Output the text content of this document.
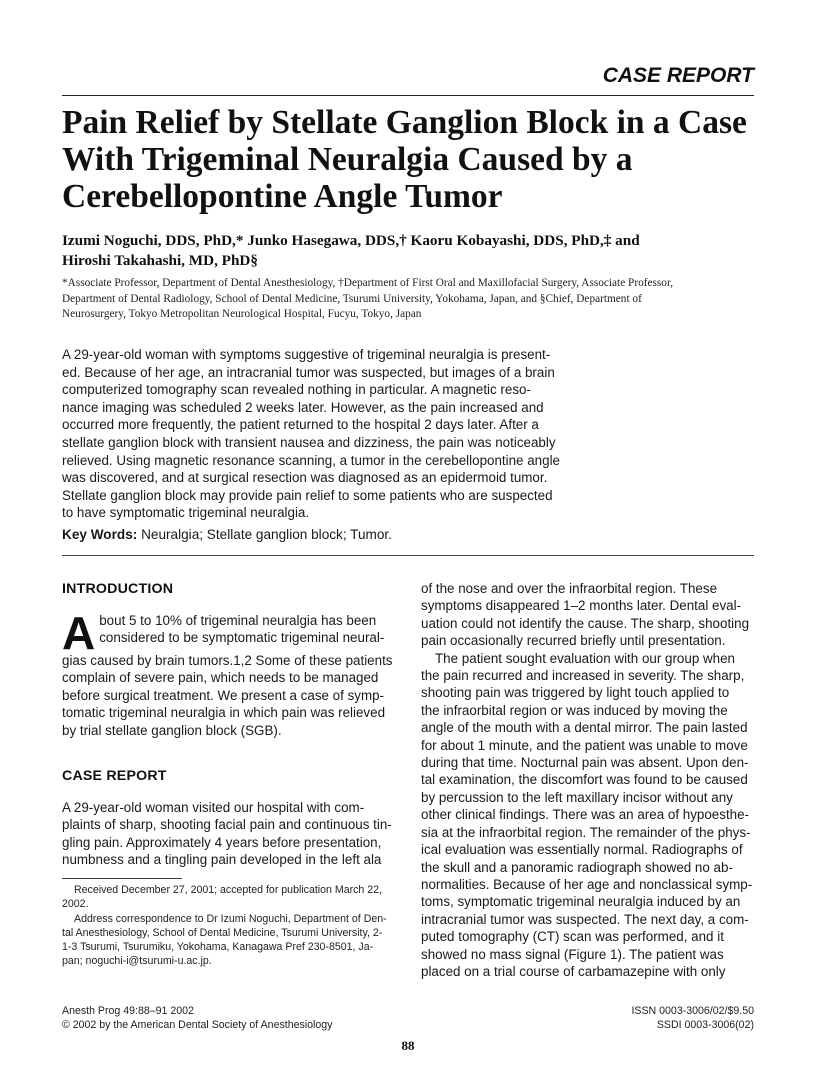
CASE REPORT
Pain Relief by Stellate Ganglion Block in a Case
With Trigeminal Neuralgia Caused by a
Cerebellopontine Angle Tumor
Izumi Noguchi, DDS, PhD,* Junko Hasegawa, DDS,† Kaoru Kobayashi, DDS, PhD,‡ and
Hiroshi Takahashi, MD, PhD§
*Associate Professor, Department of Dental Anesthesiology, †Department of First Oral and Maxillofacial Surgery, Associate Professor,
Department of Dental Radiology, School of Dental Medicine, Tsurumi University, Yokohama, Japan, and §Chief, Department of
Neurosurgery, Tokyo Metropolitan Neurological Hospital, Fucyu, Tokyo, Japan
A 29-year-old woman with symptoms suggestive of trigeminal neuralgia is present-
ed. Because of her age, an intracranial tumor was suspected, but images of a brain
computerized tomography scan revealed nothing in particular. A magnetic reso-
nance imaging was scheduled 2 weeks later. However, as the pain increased and
occurred more frequently, the patient returned to the hospital 2 days later. After a
stellate ganglion block with transient nausea and dizziness, the pain was noticeably
relieved. Using magnetic resonance scanning, a tumor in the cerebellopontine angle
was discovered, and at surgical resection was diagnosed as an epidermoid tumor.
Stellate ganglion block may provide pain relief to some patients who are suspected
to have symptomatic trigeminal neuralgia.
Key Words: Neuralgia; Stellate ganglion block; Tumor.
INTRODUCTION
A bout 5 to 10% of trigeminal neuralgia has been
considered to be symptomatic trigeminal neural-
gias caused by brain tumors.1,2 Some of these patients
complain of severe pain, which needs to be managed
before surgical treatment. We present a case of symp-
tomatic trigeminal neuralgia in which pain was relieved
by trial stellate ganglion block (SGB).
CASE REPORT
A 29-year-old woman visited our hospital with com-
plaints of sharp, shooting facial pain and continuous tin-
gling pain. Approximately 4 years before presentation,
numbness and a tingling pain developed in the left ala
of the nose and over the infraorbital region. These
symptoms disappeared 1–2 months later. Dental eval-
uation could not identify the cause. The sharp, shooting
pain occasionally recurred briefly until presentation.
The patient sought evaluation with our group when
the pain recurred and increased in severity. The sharp,
shooting pain was triggered by light touch applied to
the infraorbital region or was induced by moving the
angle of the mouth with a dental mirror. The pain lasted
for about 1 minute, and the patient was unable to move
during that time. Nocturnal pain was absent. Upon den-
tal examination, the discomfort was found to be caused
by percussion to the left maxillary incisor without any
other clinical findings. There was an area of hypoesthe-
sia at the infraorbital region. The remainder of the phys-
ical evaluation was essentially normal. Radiographs of
the skull and a panoramic radiograph showed no ab-
normalities. Because of her age and nonclassical symp-
toms, symptomatic trigeminal neuralgia induced by an
intracranial tumor was suspected. The next day, a com-
puted tomography (CT) scan was performed, and it
showed no mass signal (Figure 1). The patient was
placed on a trial course of carbamazepine with only
Received December 27, 2001; accepted for publication March 22,
2002.
Address correspondence to Dr Izumi Noguchi, Department of Den-
tal Anesthesiology, School of Dental Medicine, Tsurumi University, 2-
1-3 Tsurumi, Tsurumiku, Yokohama, Kanagawa Pref 230-8501, Ja-
pan; noguchi-i@tsurumi-u.ac.jp.
Anesth Prog 49:88–91 2002
© 2002 by the American Dental Society of Anesthesiology
ISSN 0003-3006/02/$9.50
SSDI 0003-3006(02)
88
